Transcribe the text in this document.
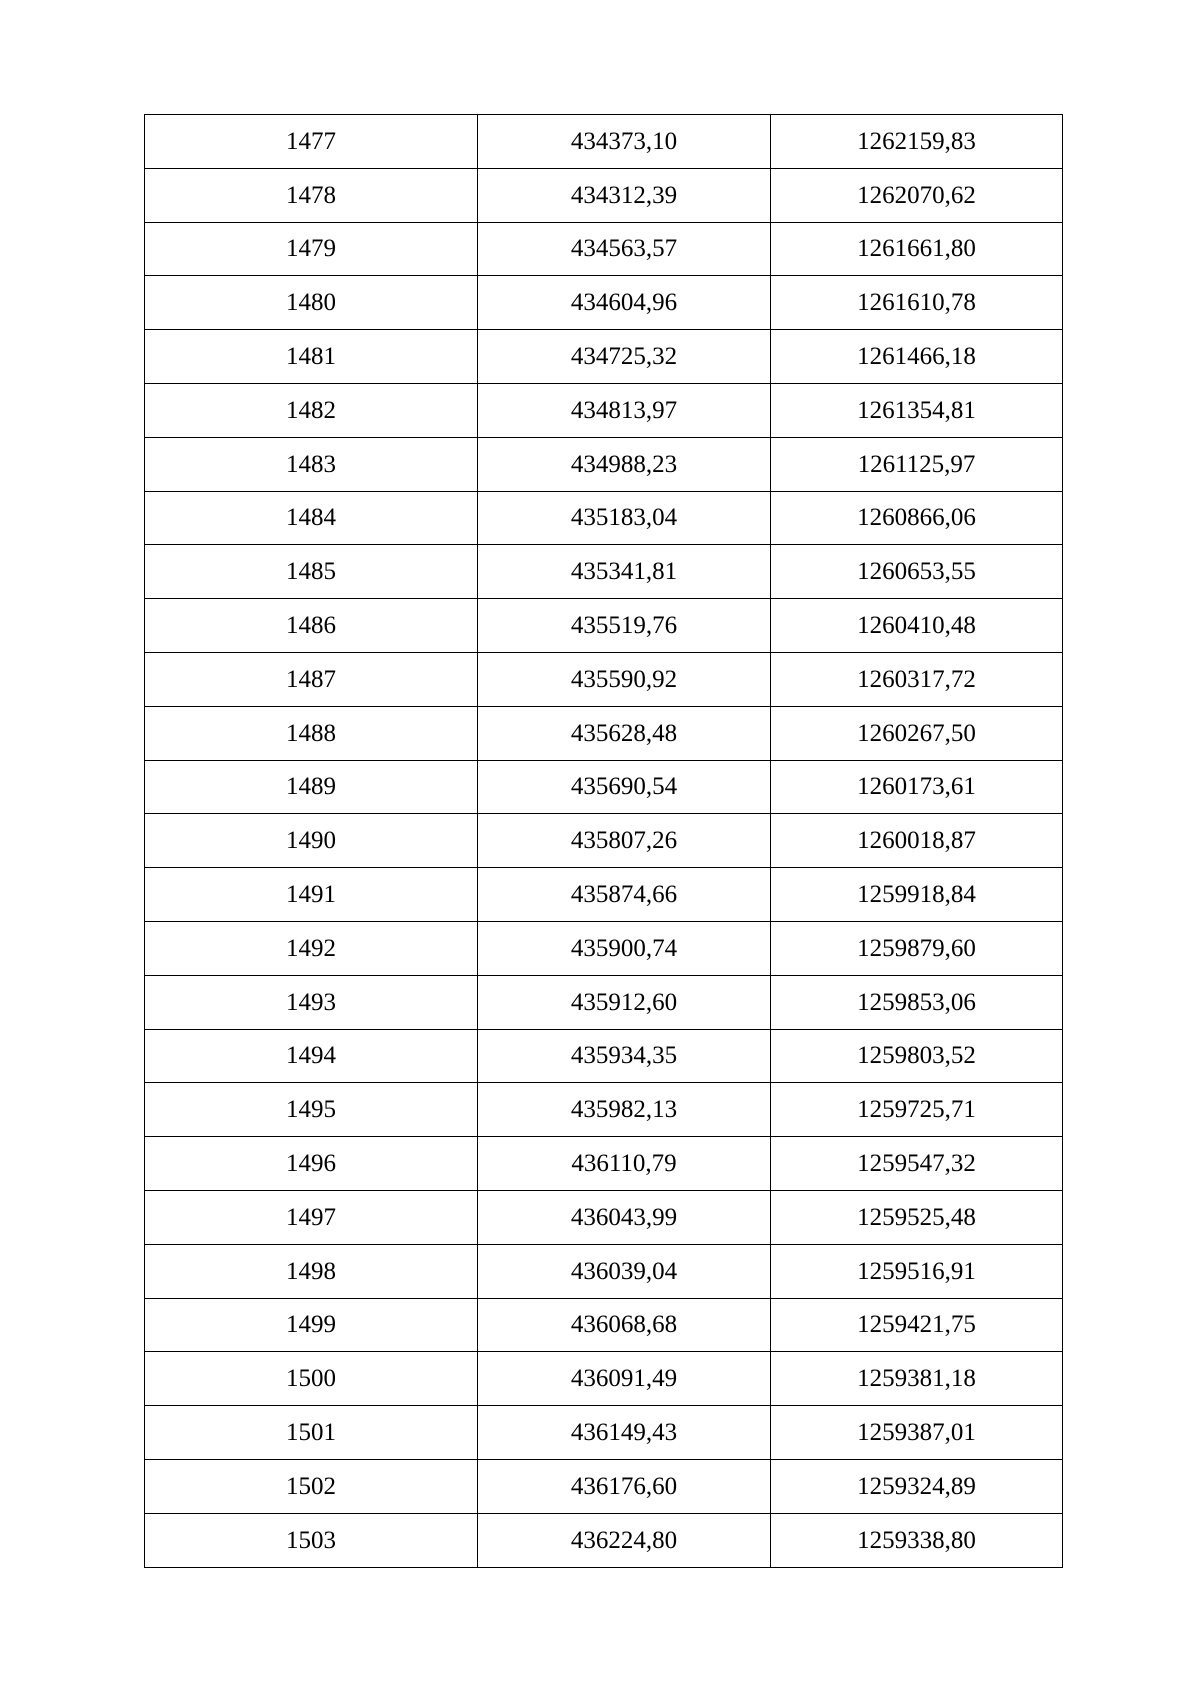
1477	434373,10	1262159,83
1478	434312,39	1262070,62
1479	434563,57	1261661,80
1480	434604,96	1261610,78
1481	434725,32	1261466,18
1482	434813,97	1261354,81
1483	434988,23	1261125,97
1484	435183,04	1260866,06
1485	435341,81	1260653,55
1486	435519,76	1260410,48
1487	435590,92	1260317,72
1488	435628,48	1260267,50
1489	435690,54	1260173,61
1490	435807,26	1260018,87
1491	435874,66	1259918,84
1492	435900,74	1259879,60
1493	435912,60	1259853,06
1494	435934,35	1259803,52
1495	435982,13	1259725,71
1496	436110,79	1259547,32
1497	436043,99	1259525,48
1498	436039,04	1259516,91
1499	436068,68	1259421,75
1500	436091,49	1259381,18
1501	436149,43	1259387,01
1502	436176,60	1259324,89
1503	436224,80	1259338,80
